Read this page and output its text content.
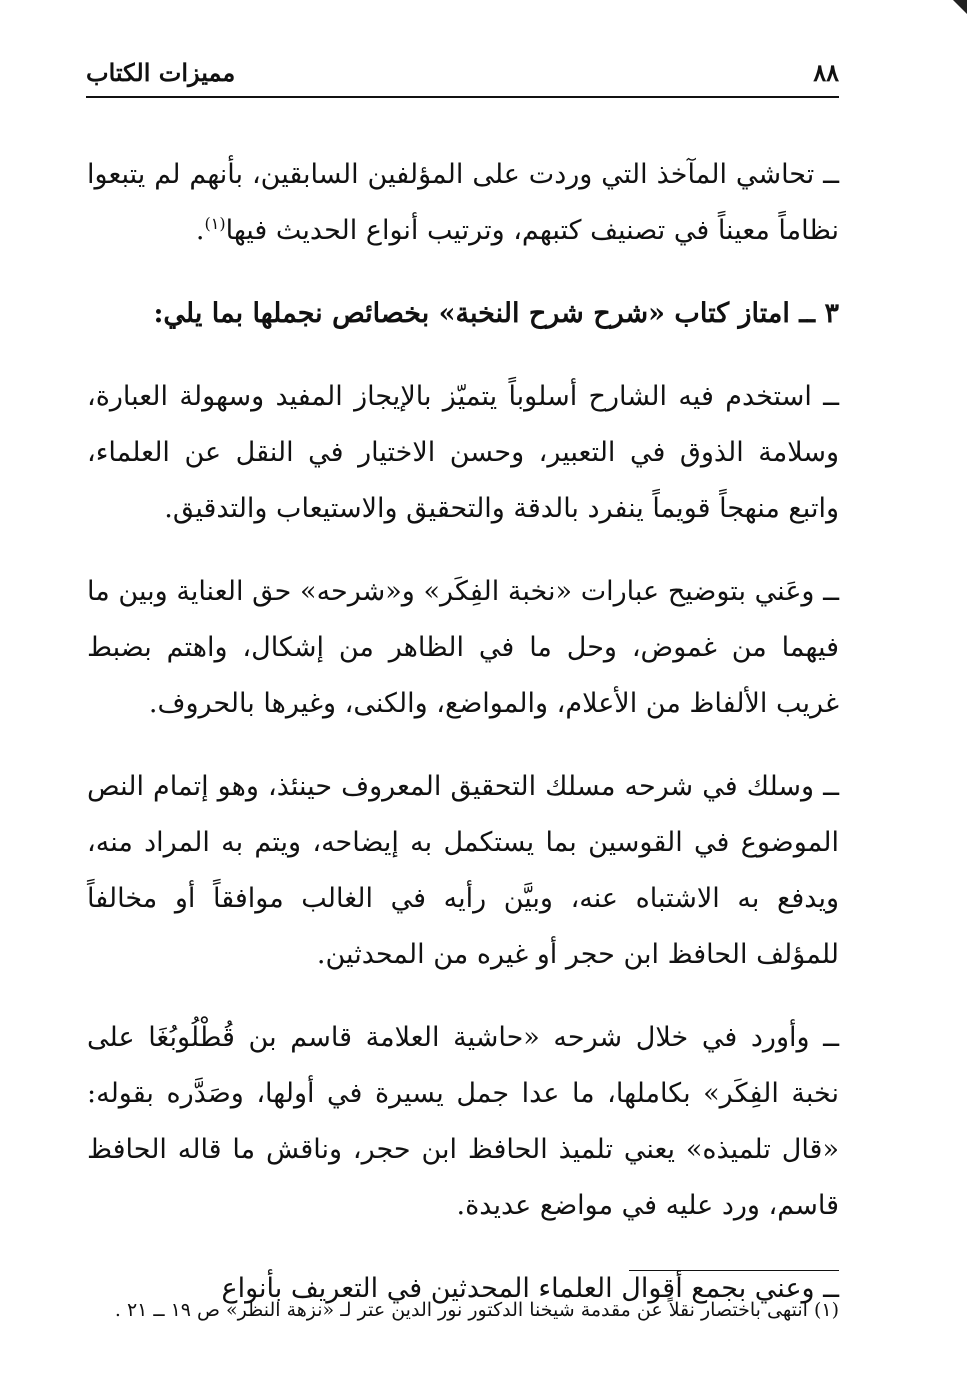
٨٨
مميزات الكتاب

ــ تحاشي المآخذ التي وردت على المؤلفين السابقين، بأنهم لم يتبعوا نظاماً معيناً في تصنيف كتبهم، وترتيب أنواع الحديث فيها$^{(١)}$.

٣ ــ امتاز كتاب «شرح شرح النخبة» بخصائص نجملها بما يلي:

ــ استخدم فيه الشارح أسلوباً يتميّز بالإيجاز المفيد وسهولة العبارة، وسلامة الذوق في التعبير، وحسن الاختيار في النقل عن العلماء، واتبع منهجاً قويماً ينفرد بالدقة والتحقيق والاستيعاب والتدقيق.

ــ وعَني بتوضيح عبارات «نخبة الفِكَر» و«شرحه» حق العناية وبين ما فيهما من غموض، وحل ما في الظاهر من إشكال، واهتم بضبط غريب الألفاظ من الأعلام، والمواضع، والكنى، وغيرها بالحروف.

ــ وسلك في شرحه مسلك التحقيق المعروف حينئذ، وهو إتمام النص الموضوع في القوسين بما يستكمل به إيضاحه، ويتم به المراد منه، ويدفع به الاشتباه عنه، وبيَّن رأيه في الغالب موافقاً أو مخالفاً للمؤلف الحافظ ابن حجر أو غيره من المحدثين.

ــ وأورد في خلال شرحه «حاشية العلامة قاسم بن قُطْلُوبُغَا على نخبة الفِكَر» بكاملها، ما عدا جمل يسيرة في أولها، وصَدَّره بقوله: «قال تلميذه» يعني تلميذ الحافظ ابن حجر، وناقش ما قاله الحافظ قاسم، ورد عليه في مواضع عديدة.

ــ وعني بجمع أقوال العلماء المحدثين في التعريف بأنواع

(١) انتهى باختصار نقلاً عن مقدمة شيخنا الدكتور نور الدين عتر لـ «نزهة النظر» ص ١٩ ــ ٢١ .
